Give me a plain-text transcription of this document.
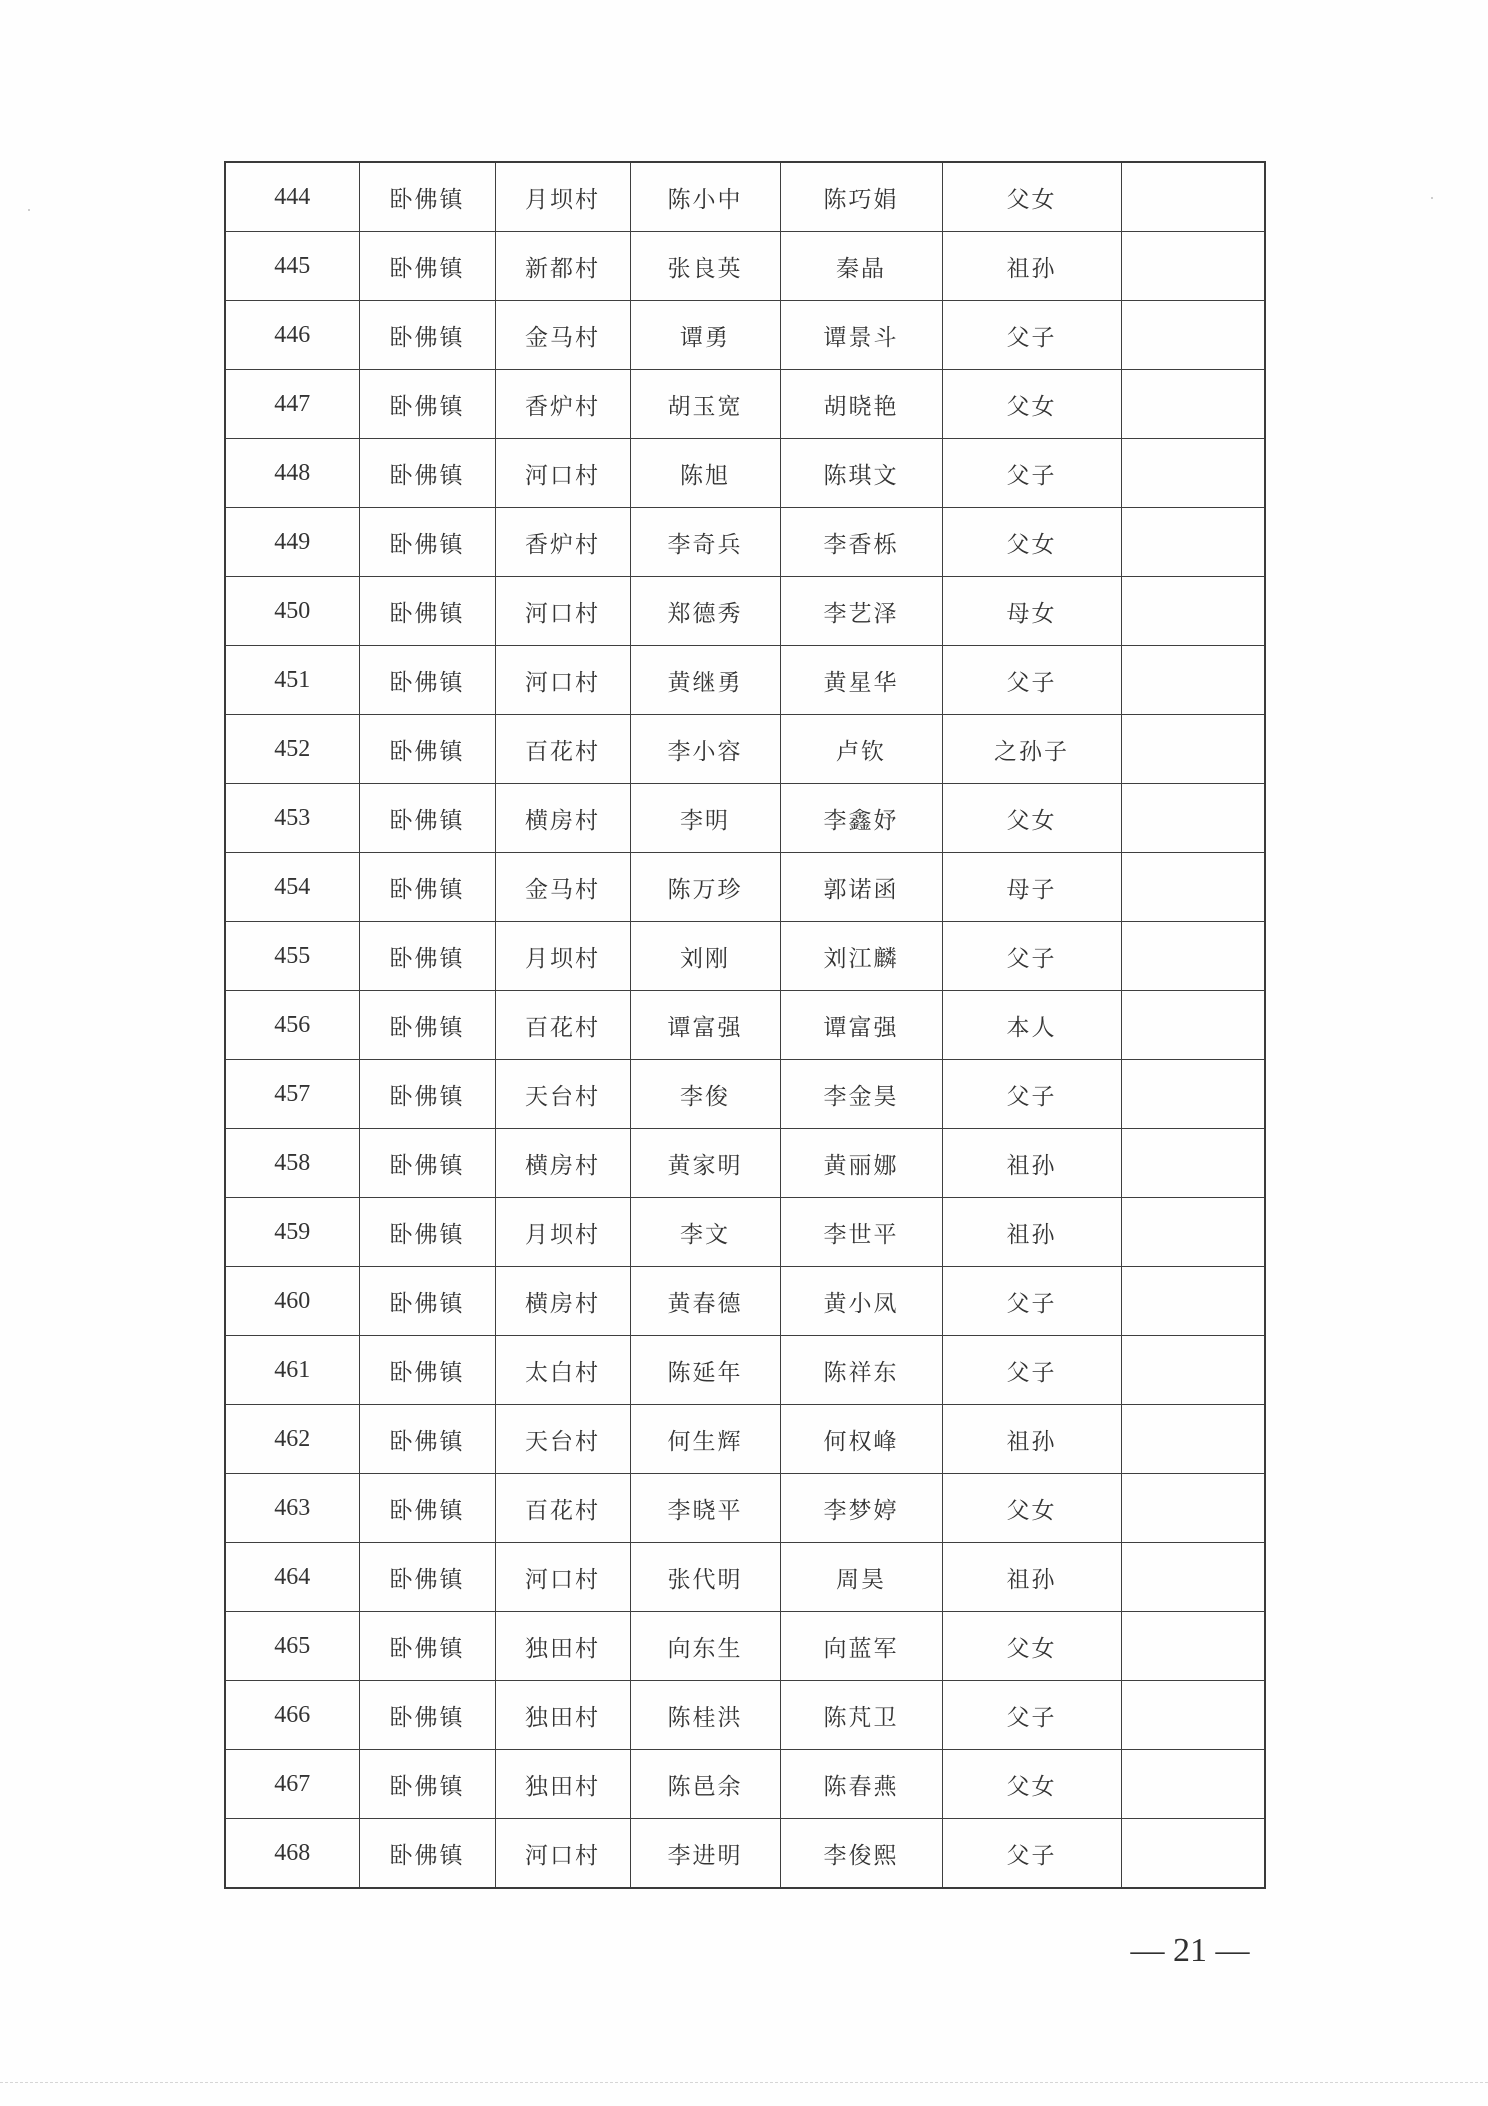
444	卧佛镇	月坝村	陈小中	陈巧娟	父女	
445	卧佛镇	新都村	张良英	秦晶	祖孙	
446	卧佛镇	金马村	谭勇	谭景斗	父子	
447	卧佛镇	香炉村	胡玉宽	胡晓艳	父女	
448	卧佛镇	河口村	陈旭	陈琪文	父子	
449	卧佛镇	香炉村	李奇兵	李香栎	父女	
450	卧佛镇	河口村	郑德秀	李艺泽	母女	
451	卧佛镇	河口村	黄继勇	黄星华	父子	
452	卧佛镇	百花村	李小容	卢钦	之孙子	
453	卧佛镇	横房村	李明	李鑫妤	父女	
454	卧佛镇	金马村	陈万珍	郭诺函	母子	
455	卧佛镇	月坝村	刘刚	刘江麟	父子	
456	卧佛镇	百花村	谭富强	谭富强	本人	
457	卧佛镇	天台村	李俊	李金昊	父子	
458	卧佛镇	横房村	黄家明	黄丽娜	祖孙	
459	卧佛镇	月坝村	李文	李世平	祖孙	
460	卧佛镇	横房村	黄春德	黄小凤	父子	
461	卧佛镇	太白村	陈延年	陈祥东	父子	
462	卧佛镇	天台村	何生辉	何权峰	祖孙	
463	卧佛镇	百花村	李晓平	李梦婷	父女	
464	卧佛镇	河口村	张代明	周昊	祖孙	
465	卧佛镇	独田村	向东生	向蓝军	父女	
466	卧佛镇	独田村	陈桂洪	陈芃卫	父子	
467	卧佛镇	独田村	陈邑余	陈春燕	父女	
468	卧佛镇	河口村	李进明	李俊熙	父子	
— 21 —
